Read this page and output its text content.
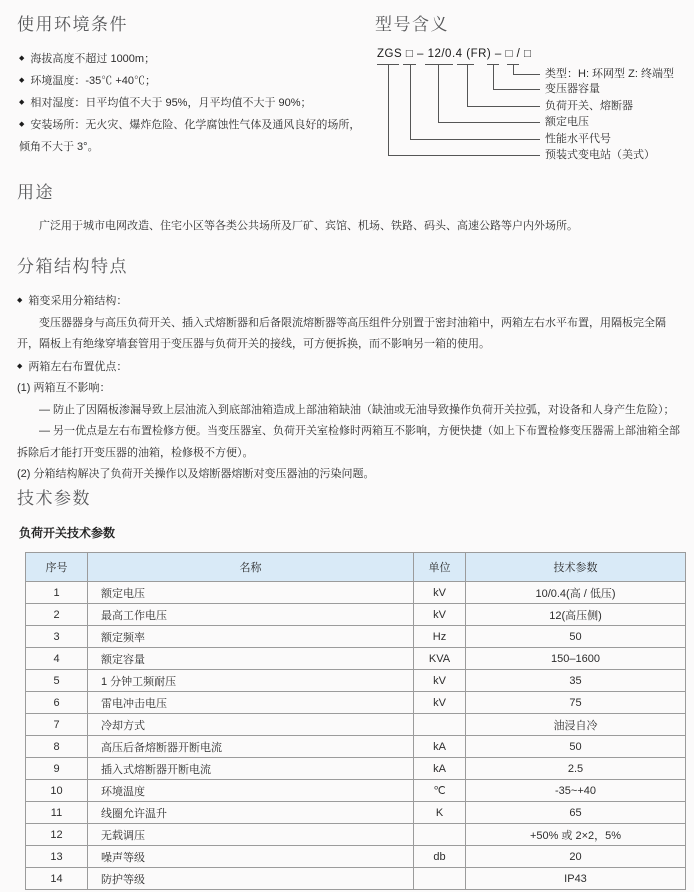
使用环境条件
◆ 海拔高度不超过 1000m；
◆ 环境温度：-35℃ +40℃；
◆ 相对湿度：日平均值不大于 95%，月平均值不大于 90%；
◆ 安装场所：无火灾、爆炸危险、化学腐蚀性气体及通风良好的场所，倾角不大于 3°。
型号含义
ZGS □ – 12/0.4 (FR) – □ / □
类型：H: 环网型 Z: 终端型
变压器容量
负荷开关、熔断器
额定电压
性能水平代号
预装式变电站（美式）
用途

广泛用于城市电网改造、住宅小区等各类公共场所及厂矿、宾馆、机场、铁路、码头、高速公路等户内外场所。

分箱结构特点

◆ 箱变采用分箱结构：

变压器器身与高压负荷开关、插入式熔断器和后备限流熔断器等高压组件分别置于密封油箱中，两箱左右水平布置，用隔板完全隔开，隔板上有绝缘穿墙套管用于变压器与负荷开关的接线，可方便拆换，而不影响另一箱的使用。

◆ 两箱左右布置优点：

(1) 两箱互不影响：

— 防止了因隔板渗漏导致上层油流入到底部油箱造成上部油箱缺油（缺油或无油导致操作负荷开关拉弧，对设备和人身产生危险）；

— 另一优点是左右布置检修方便。当变压器室、负荷开关室检修时两箱互不影响，方便快捷（如上下布置检修变压器需上部油箱全部拆除后才能打开变压器的油箱，检修极不方便）。

(2) 分箱结构解决了负荷开关操作以及熔断器熔断对变压器油的污染问题。

技术参数
负荷开关技术参数
序号	名称	单位	技术参数
1	额定电压	kV	10/0.4(高 / 低压)
2	最高工作电压	kV	12(高压侧)
3	额定频率	Hz	50
4	额定容量	KVA	150–1600
5	1 分钟工频耐压	kV	35
6	雷电冲击电压	kV	75
7	冷却方式		油浸自冷
8	高压后备熔断器开断电流	kA	50
9	插入式熔断器开断电流	kA	2.5
10	环境温度	℃	-35~+40
11	线圈允许温升	K	65
12	无载调压		+50% 或 2×2，5%
13	噪声等级	db	20
14	防护等级		IP43
